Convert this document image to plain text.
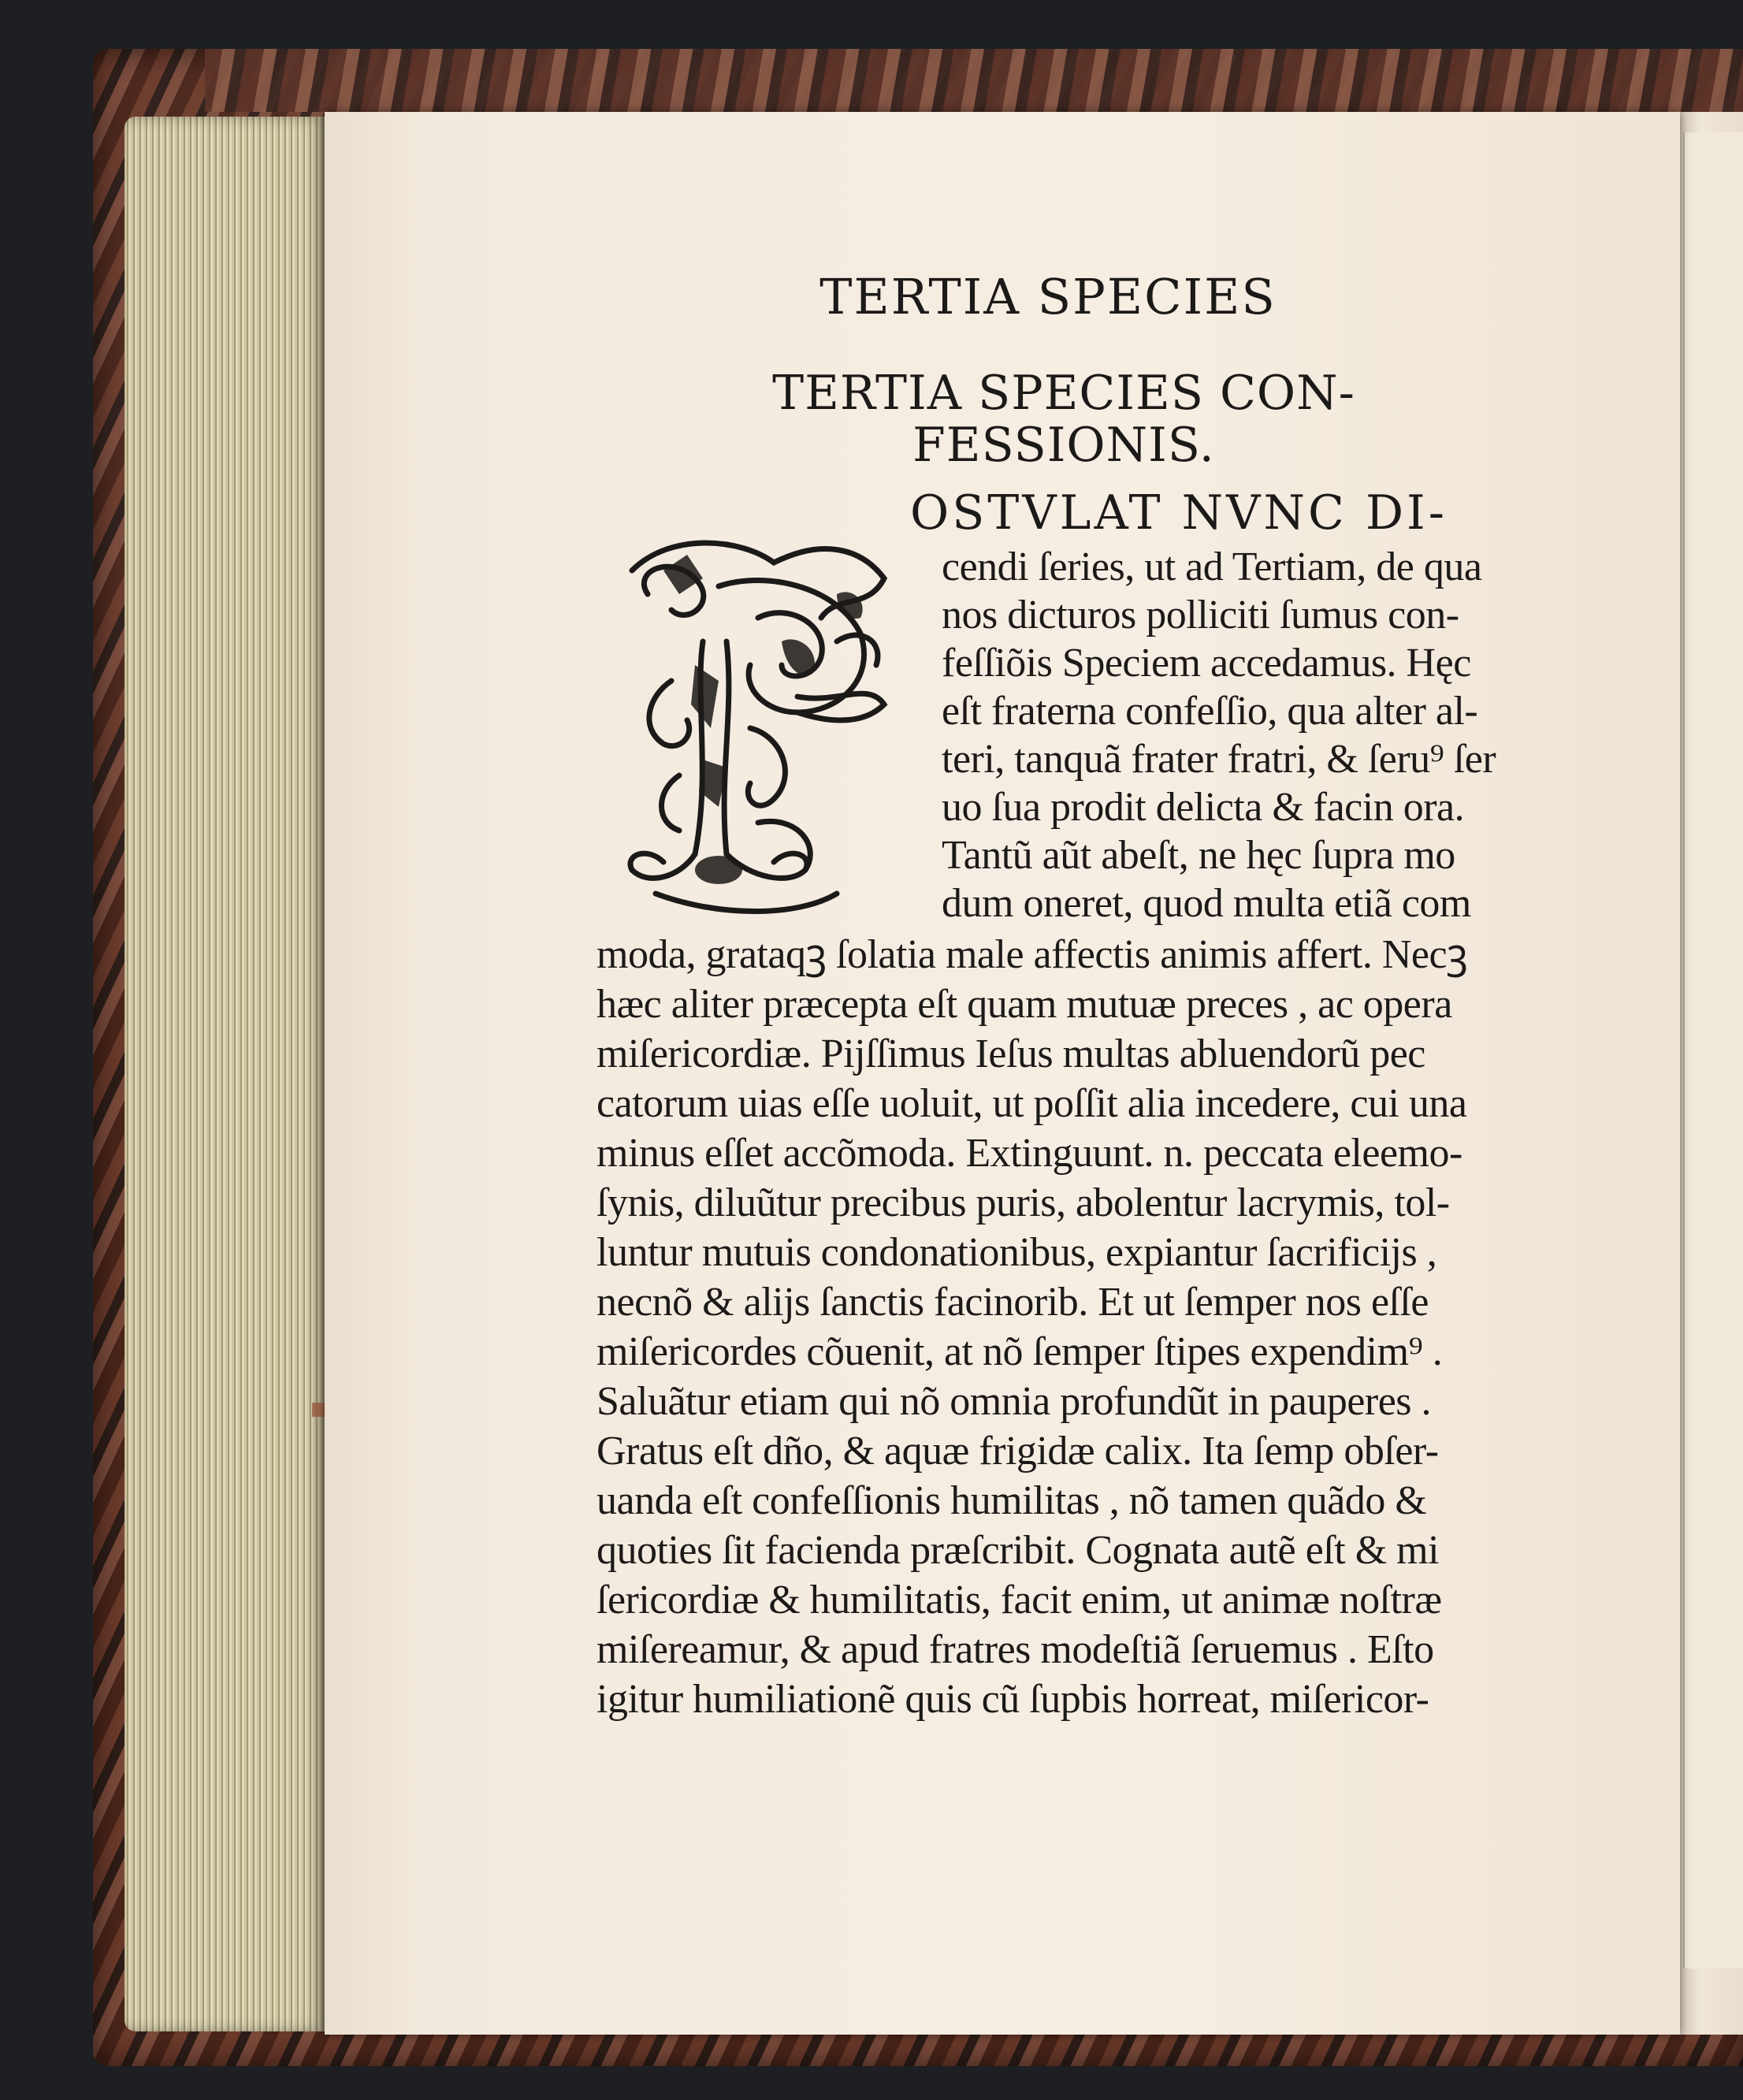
TERTIA SPECIES
TERTIA SPECIES CON-
FESSIONIS.
OSTVLAT NVNC DI-
cendi ſeries, ut ad Tertiam, de qua
nos dicturos polliciti ſumus con-
feſſiõis Speciem accedamus. Hęc
eſt fraterna confeſſio, qua alter al-
teri, tanquã frater fratri, & ſeru⁹ ſer
uo ſua prodit delicta & facin ora.
Tantũ aũt abeſt, ne hęc ſupra mo
dum oneret, quod multa etiã com
moda, grataqꝫ ſolatia male affectis animis affert. Necꝫ
hæc aliter præcepta eſt quam mutuæ preces , ac opera
miſericordiæ. Pijſſimus Ieſus multas abluendorũ pec
catorum uias eſſe uoluit, ut poſſit alia incedere, cui una
minus eſſet accõmoda. Extinguunt. n. peccata eleemo-
ſynis, diluũtur precibus puris, abolentur lacrymis, tol-
luntur mutuis condonationibus, expiantur ſacrificijs ,
necnõ & alijs ſanctis facinorib. Et ut ſemper nos eſſe
miſericordes cõuenit, at nõ ſemper ſtipes expendim⁹ .
Saluãtur etiam qui nõ omnia profundũt in pauperes .
Gratus eſt dño, & aquæ frigidæ calix. Ita ſemp obſer-
uanda eſt confeſſionis humilitas , nõ tamen quãdo &
quoties ſit facienda præſcribit. Cognata autẽ eſt & mi
ſericordiæ & humilitatis, facit enim, ut animæ noſtræ
miſereamur, & apud fratres modeſtiã ſeruemus . Eſto
igitur humiliationẽ quis cũ ſupbis horreat, miſericor-
